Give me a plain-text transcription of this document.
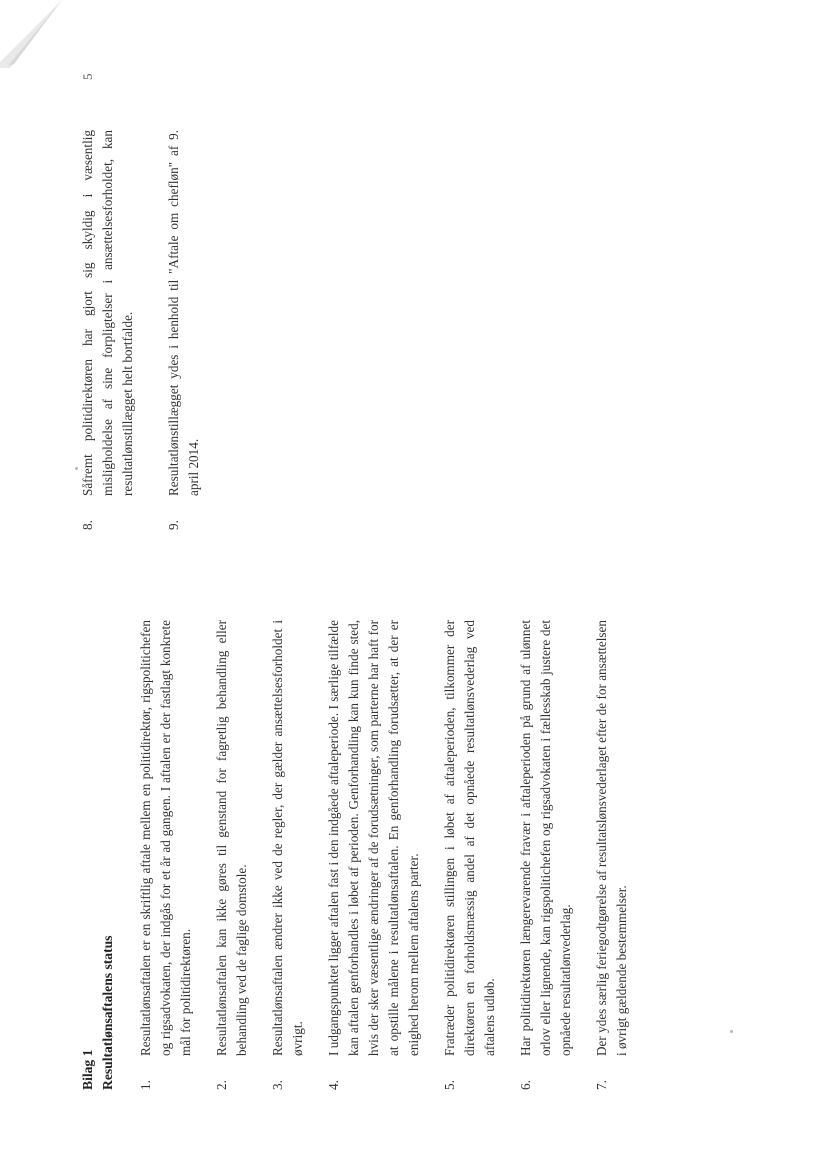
Bilag 1 Resultatlønsaftalens status 1.
Resultatlønsaftalen er en skriftlig aftale mellem en politidirektør, rigspolitichefen og rigsadvokaten, der indgås for et år ad gangen. I aftalen er der fastlagt konkrete mål for politidirektøren.
2.
Resultatlønsaftalen kan ikke gøres til genstand for fagretlig behandling eller behandling ved de faglige domstole.
3.
Resultatlønsaftalen ændrer ikke ved de regler, der gælder ansættelsesforholdet i øvrigt.
4.
I udgangspunktet ligger aftalen fast i den indgåede aftaleperiode. I særlige tilfælde kan aftalen genforhandles i løbet af perioden. Genforhandling kan kun finde sted, hvis der sker væsentlige ændringer af de forudsætninger, som parterne har haft for at opstille målene i resultatlønsaftalen. En genforhandling forudsætter, at der er enighed herom mellem aftalens parter.
5.
Fratræder politidirektøren stillingen i løbet af aftaleperioden, tilkommer der direktøren en forholdsmæssig andel af det opnåede resultatlønsvederlag ved aftalens udløb.
6.
Har politidirektøren længerevarende fravær i aftaleperioden på grund af ulønnet orlov eller lignende, kan rigspolitichefen og rigsadvokaten i fællesskab justere det opnåede resultatlønvederlag.
7.
Der ydes særlig feriegodtgørelse af resultatslønsvederlaget efter de for ansættelsen i øvrigt gældende bestemmelser.
8.
Såfremt politidirektøren har gjort sig skyldig i væsentlig misligholdelse af sine forpligtelser i ansættelsesforholdet, kan resultatlønstillægget helt bortfalde.
9.
Resultatlønstillægget ydes i henhold til "Aftale om chefløn" af 9. april 2014.
5
